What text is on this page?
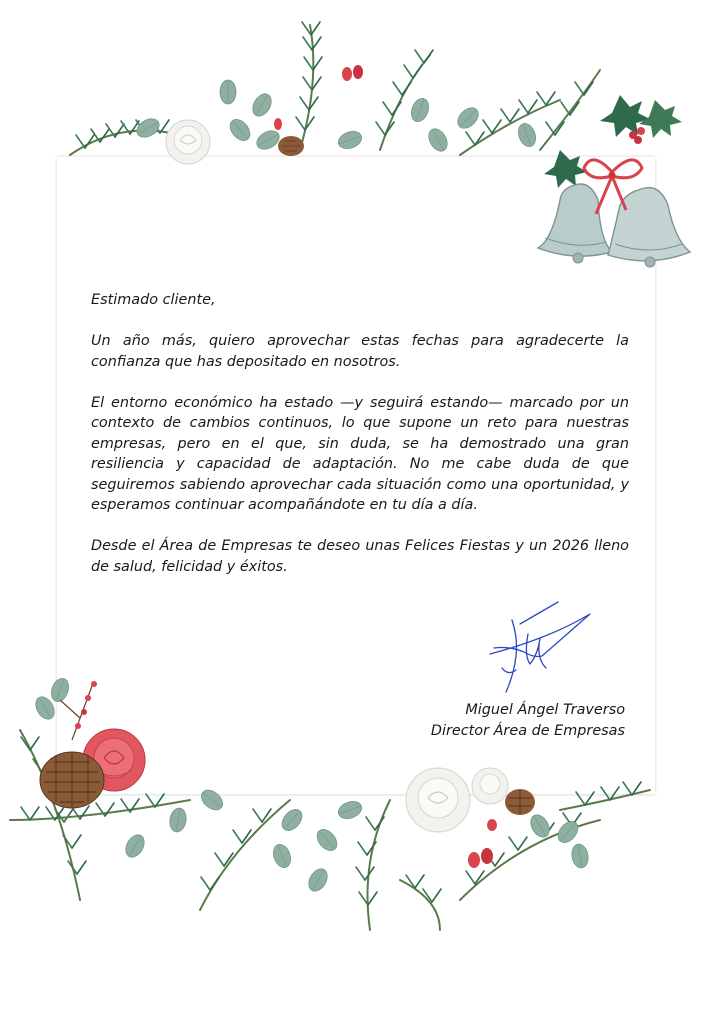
Estimado cliente,

Un año más, quiero aprovechar estas fechas para agradecerte la confianza que has depositado en nosotros.

El entorno económico ha estado —y seguirá estando— marcado por un contexto de cambios continuos, lo que supone un reto para nuestras empresas, pero en el que, sin duda, se ha demostrado una gran resiliencia y capacidad de adaptación. No me cabe duda de que seguiremos sabiendo aprovechar cada situación como una oportunidad, y esperamos continuar acompañándote en tu día a día.

Desde el Área de Empresas te deseo unas Felices Fiestas y un 2026 lleno de salud, felicidad y éxitos.

Miguel Ángel Traverso
Director Área de Empresas
